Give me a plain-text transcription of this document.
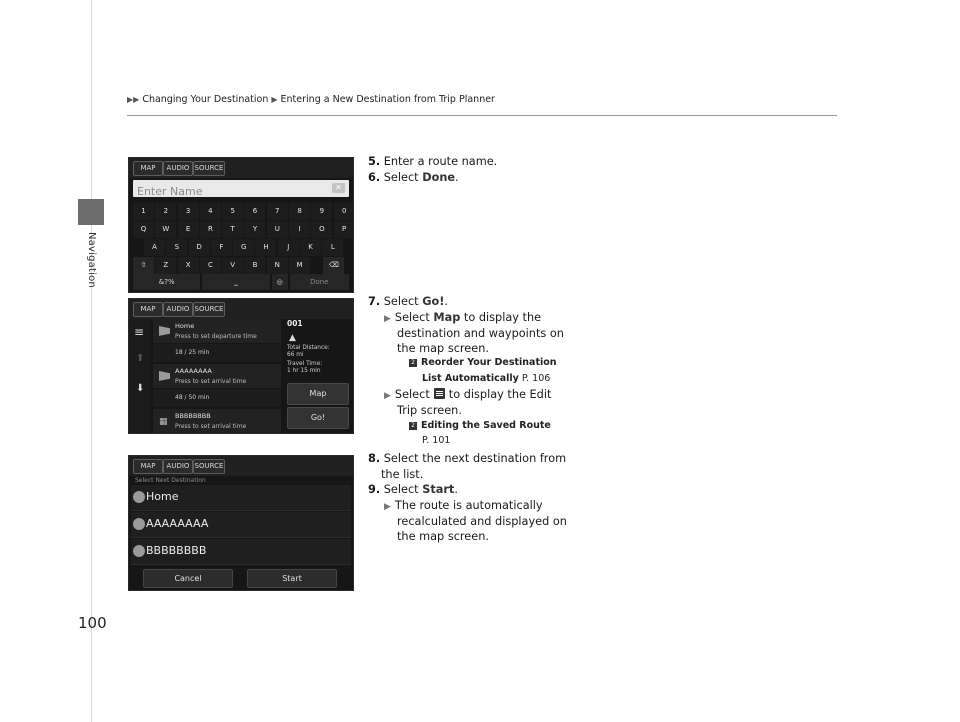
Navigation
▶▶ Changing Your Destination ▶ Entering a New Destination from Trip Planner
MAP	AUDIO SOURCE
Enter Name
✕
1	2	3	4	5	6	7	8	9	0
Q	W	E	R	T	Y	U	I	O	P
A	S	D	F	G	H	J	K	L
⇧	Z	X	C	V	B	N	M	⌫
&?%	⎵	◎	Done
MAP	AUDIO SOURCE
≡
⬆
⬇
Home
Press to set departure time
18 / 25 min
AAAAAAAA
Press to set arrival time
48 / 50 min
▦
BBBBBBBB
Press to set arrival time
001
▲
Total Distance:
66 mi
Travel Time:
1 hr 15 min
Map
Go!
MAP	AUDIO SOURCE
Select Next Destination
Home
AAAAAAAA
BBBBBBBB
Cancel	Start
5. Enter a route name.
6. Select Done.
7. Select Go!.
▶ Select Map to display the
destination and waypoints on
the map screen.
2 Reorder Your Destination
List Automatically P. 106
▶ Select to display the Edit
Trip screen.
2 Editing the Saved Route
P. 101
8. Select the next destination from
the list.
9. Select Start.
▶ The route is automatically
recalculated and displayed on
the map screen.
100
